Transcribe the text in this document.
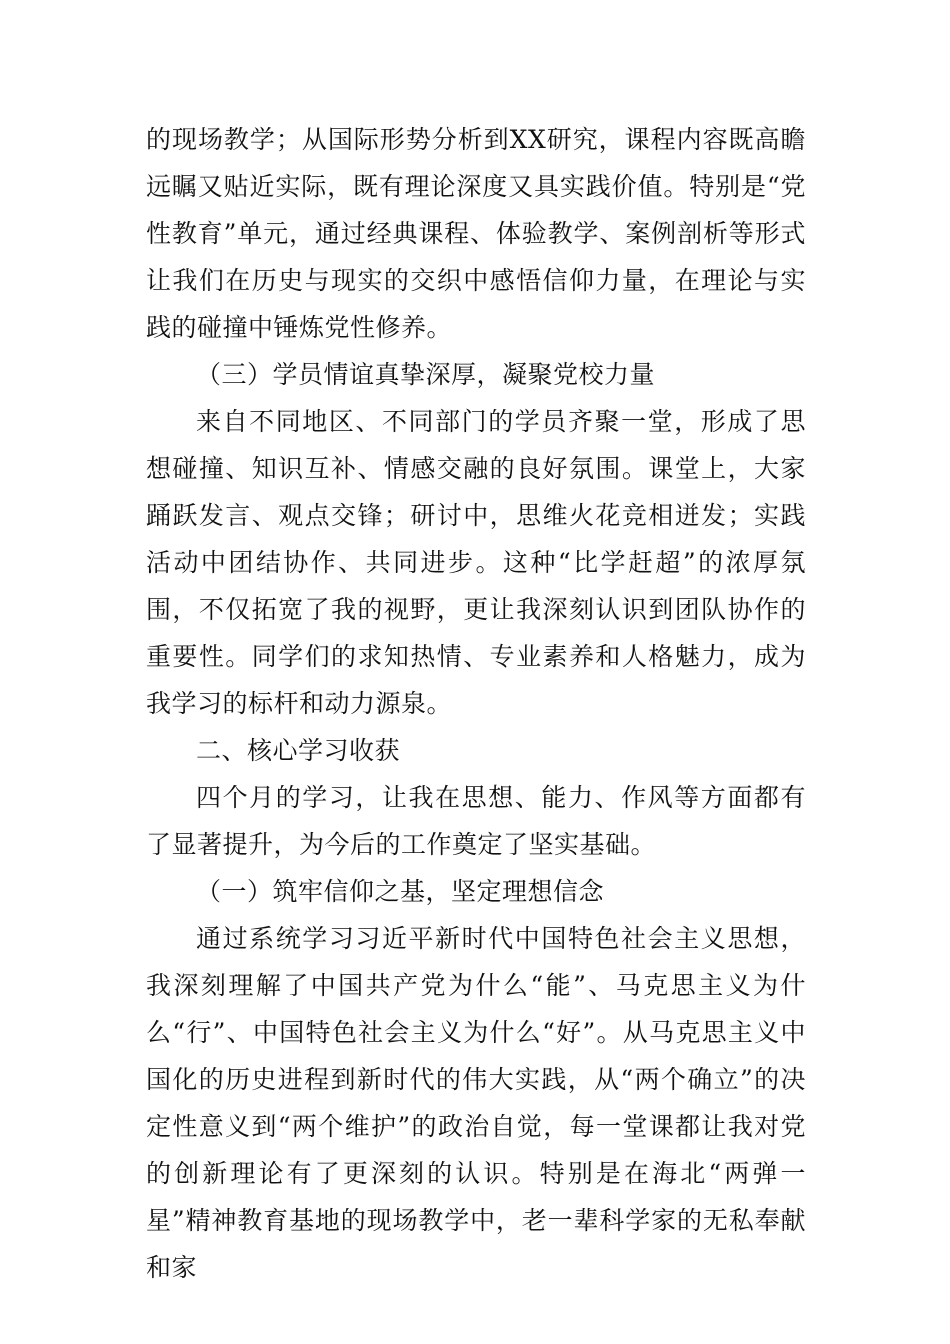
的现场教学；从国际形势分析到XX研究，课程内容既高瞻远瞩又贴近实际，既有理论深度又具实践价值。特别是“党性教育”单元，通过经典课程、体验教学、案例剖析等形式让我们在历史与现实的交织中感悟信仰力量，在理论与实践的碰撞中锤炼党性修养。

（三）学员情谊真挚深厚，凝聚党校力量

来自不同地区、不同部门的学员齐聚一堂，形成了思想碰撞、知识互补、情感交融的良好氛围。课堂上，大家踊跃发言、观点交锋；研讨中，思维火花竞相迸发；实践活动中团结协作、共同进步。这种“比学赶超”的浓厚氛围，不仅拓宽了我的视野，更让我深刻认识到团队协作的重要性。同学们的求知热情、专业素养和人格魅力，成为我学习的标杆和动力源泉。

二、核心学习收获

四个月的学习，让我在思想、能力、作风等方面都有了显著提升，为今后的工作奠定了坚实基础。

（一）筑牢信仰之基，坚定理想信念

通过系统学习习近平新时代中国特色社会主义思想，我深刻理解了中国共产党为什么“能”、马克思主义为什么“行”、中国特色社会主义为什么“好”。从马克思主义中国化的历史进程到新时代的伟大实践，从“两个确立”的决定性意义到“两个维护”的政治自觉，每一堂课都让我对党的创新理论有了更深刻的认识。特别是在海北“两弹一星”精神教育基地的现场教学中，老一辈科学家的无私奉献和家
